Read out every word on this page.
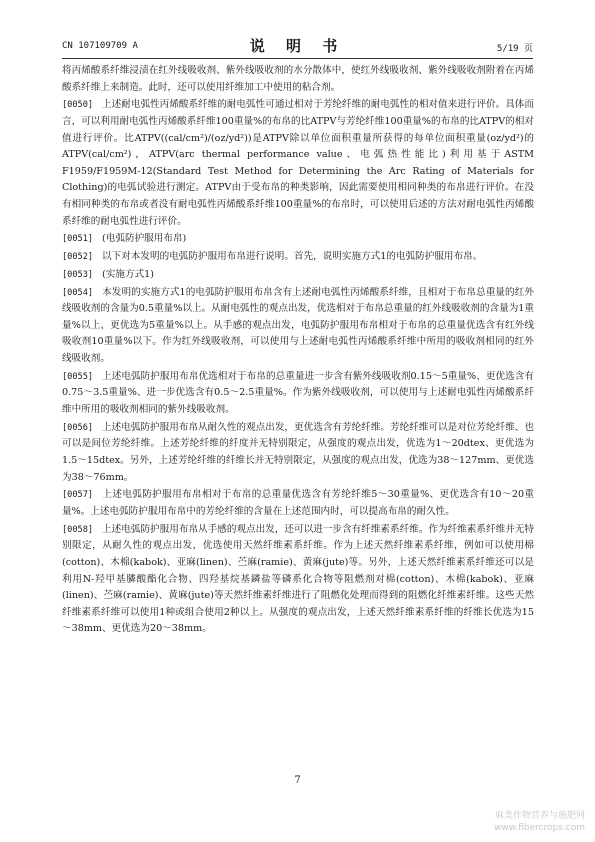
CN 107109709 A	说 明 书	5/19 页

将丙烯酸系纤维浸渍在红外线吸收剂、紫外线吸收剂的水分散体中，使红外线吸收剂、紫外线吸收剂附着在丙烯酸系纤维上来制造。此时，还可以使用纤维加工中使用的粘合剂。

[0050] 上述耐电弧性丙烯酸系纤维的耐电弧性可通过相对于芳纶纤维的耐电弧性的相对值来进行评价。具体而言，可以利用耐电弧性丙烯酸系纤维100重量%的布帛的比ATPV与芳纶纤维100重量%的布帛的比ATPV的相对值进行评价。比ATPV((cal/cm²)/(oz/yd²))是ATPV除以单位面积重量所获得的每单位面积重量(oz/yd²)的ATPV(cal/cm²)，ATPV(arc thermal performance value、电弧热性能比)利用基于ASTM F1959/F1959M-12(Standard Test Method for Determining the Arc Rating of Materials for Clothing)的电弧试验进行测定。ATPV由于受布帛的种类影响，因此需要使用相同种类的布帛进行评价。在没有相同种类的布帛或者没有耐电弧性丙烯酸系纤维100重量%的布帛时，可以使用后述的方法对耐电弧性丙烯酸系纤维的耐电弧性进行评价。

[0051] (电弧防护服用布帛)

[0052] 以下对本发明的电弧防护服用布帛进行说明。首先，说明实施方式1的电弧防护服用布帛。

[0053] (实施方式1)

[0054] 本发明的实施方式1的电弧防护服用布帛含有上述耐电弧性丙烯酸系纤维，且相对于布帛总重量的红外线吸收剂的含量为0.5重量%以上。从耐电弧性的观点出发，优选相对于布帛总重量的红外线吸收剂的含量为1重量%以上、更优选为5重量%以上。从手感的观点出发，电弧防护服用布帛相对于布帛的总重量优选含有红外线吸收剂10重量%以下。作为红外线吸收剂，可以使用与上述耐电弧性丙烯酸系纤维中所用的吸收剂相同的红外线吸收剂。

[0055] 上述电弧防护服用布帛优选相对于布帛的总重量进一步含有紫外线吸收剂0.15～5重量%、更优选含有0.75～3.5重量%、进一步优选含有0.5～2.5重量%。作为紫外线吸收剂，可以使用与上述耐电弧性丙烯酸系纤维中所用的吸收剂相同的紫外线吸收剂。

[0056] 上述电弧防护服用布帛从耐久性的观点出发，更优选含有芳纶纤维。芳纶纤维可以是对位芳纶纤维、也可以是间位芳纶纤维。上述芳纶纤维的纤度并无特别限定，从强度的观点出发，优选为1～20dtex、更优选为1.5～15dtex。另外，上述芳纶纤维的纤维长并无特别限定，从强度的观点出发，优选为38～127mm、更优选为38～76mm。

[0057] 上述电弧防护服用布帛相对于布帛的总重量优选含有芳纶纤维5～30重量%、更优选含有10～20重量%。上述电弧防护服用布帛中的芳纶纤维的含量在上述范围内时，可以提高布帛的耐久性。

[0058] 上述电弧防护服用布帛从手感的观点出发，还可以进一步含有纤维素系纤维。作为纤维素系纤维并无特别限定，从耐久性的观点出发，优选使用天然纤维素系纤维。作为上述天然纤维素系纤维，例如可以使用棉(cotton)、木棉(kabok)、亚麻(linen)、苎麻(ramie)、黄麻(jute)等。另外，上述天然纤维素系纤维还可以是利用N-羟甲基膦酸酯化合物、四羟基烷基鏻盐等磷系化合物等阻燃剂对棉(cotton)、木棉(kabok)、亚麻(linen)、苎麻(ramie)、黄麻(jute)等天然纤维素纤维进行了阻燃化处理而得到的阻燃化纤维素纤维。这些天然纤维素系纤维可以使用1种或组合使用2种以上。从强度的观点出发，上述天然纤维素系纤维的纤维长优选为15～38mm、更优选为20～38mm。

7
麻类作物营养与施肥网
www.fibercrops.com
